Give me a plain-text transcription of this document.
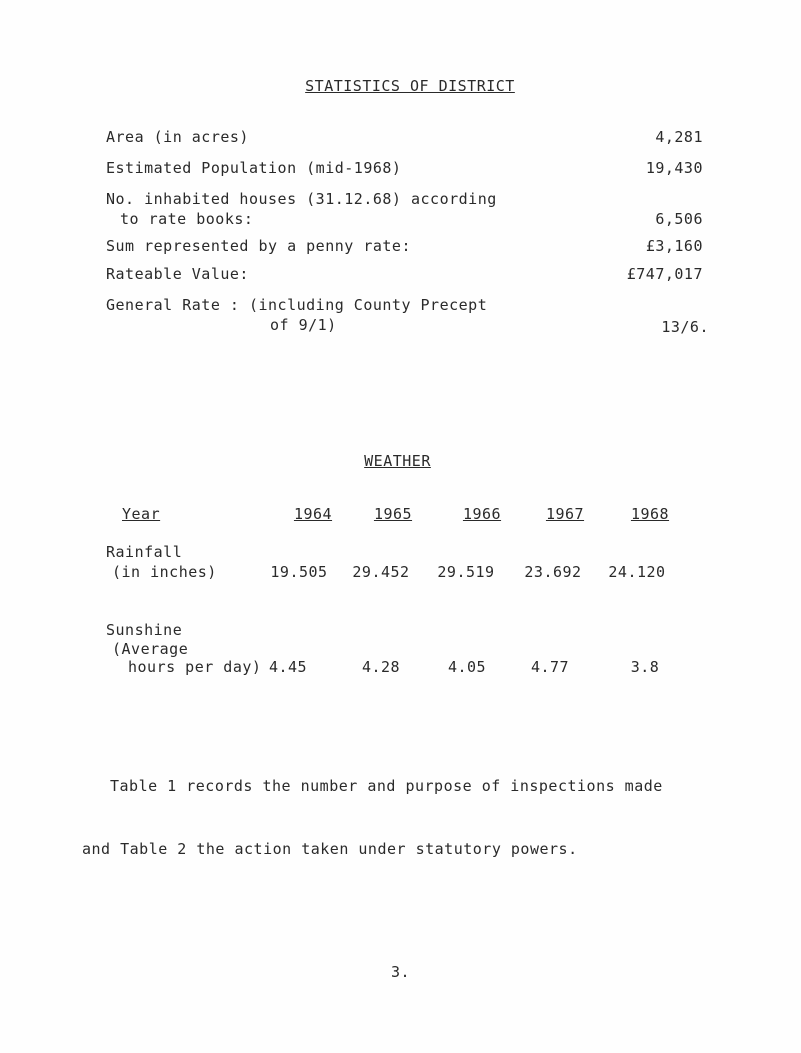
STATISTICS OF DISTRICT
Area (in acres)	4,281
Estimated Population (mid-1968)	19,430
No. inhabited houses (31.12.68) according
to rate books:	6,506
Sum represented by a penny rate:	£3,160
Rateable Value:	£747,017
General Rate : (including County Precept
of 9/1)	13/6.
WEATHER
Year	1964	1965	1966	1967	1968
Rainfall
(in inches)	19.505	29.452	29.519	23.692	24.120
Sunshine
(Average
hours per day) 4.45	4.28	4.05	4.77	3.8

Table 1 records the number and purpose of inspections made

and Table 2 the action taken under statutory powers.

3.
